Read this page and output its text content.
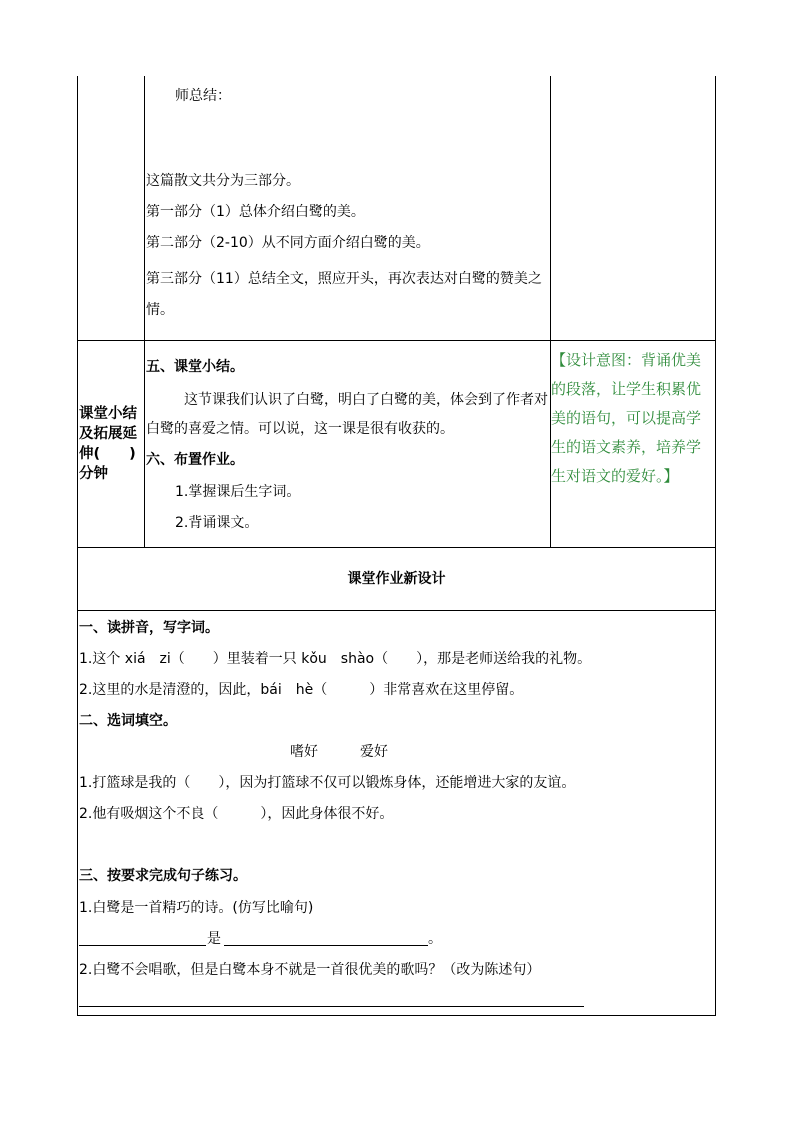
师总结：
这篇散文共分为三部分。
第一部分（1）总体介绍白鹭的美。
第二部分（2-10）从不同方面介绍白鹭的美。
第三部分（11）总结全文，照应开头，再次表达对白鹭的赞美之情。
课堂小结及拓展延伸(　　)分钟
五、课堂小结。
这节课我们认识了白鹭，明白了白鹭的美，体会到了作者对白鹭的喜爱之情。可以说，这一课是很有收获的。
六、布置作业。
1.掌握课后生字词。
2.背诵课文。
【设计意图：背诵优美的段落，让学生积累优美的语句，可以提高学生的语文素养，培养学生对语文的爱好。】
课堂作业新设计
一、读拼音，写字词。
1.这个 xiá　zi（　　）里装着一只 kǒu　shào（　　），那是老师送给我的礼物。
2.这里的水是清澄的，因此，bái　hè（　　　）非常喜欢在这里停留。
二、选词填空。
嗜好　　　爱好
1.打篮球是我的（　　），因为打篮球不仅可以锻炼身体，还能增进大家的友谊。
2.他有吸烟这个不良（　　　），因此身体很不好。
三、按要求完成句子练习。
1.白鹭是一首精巧的诗。(仿写比喻句)
是	。
2.白鹭不会唱歌，但是白鹭本身不就是一首很优美的歌吗？（改为陈述句）
